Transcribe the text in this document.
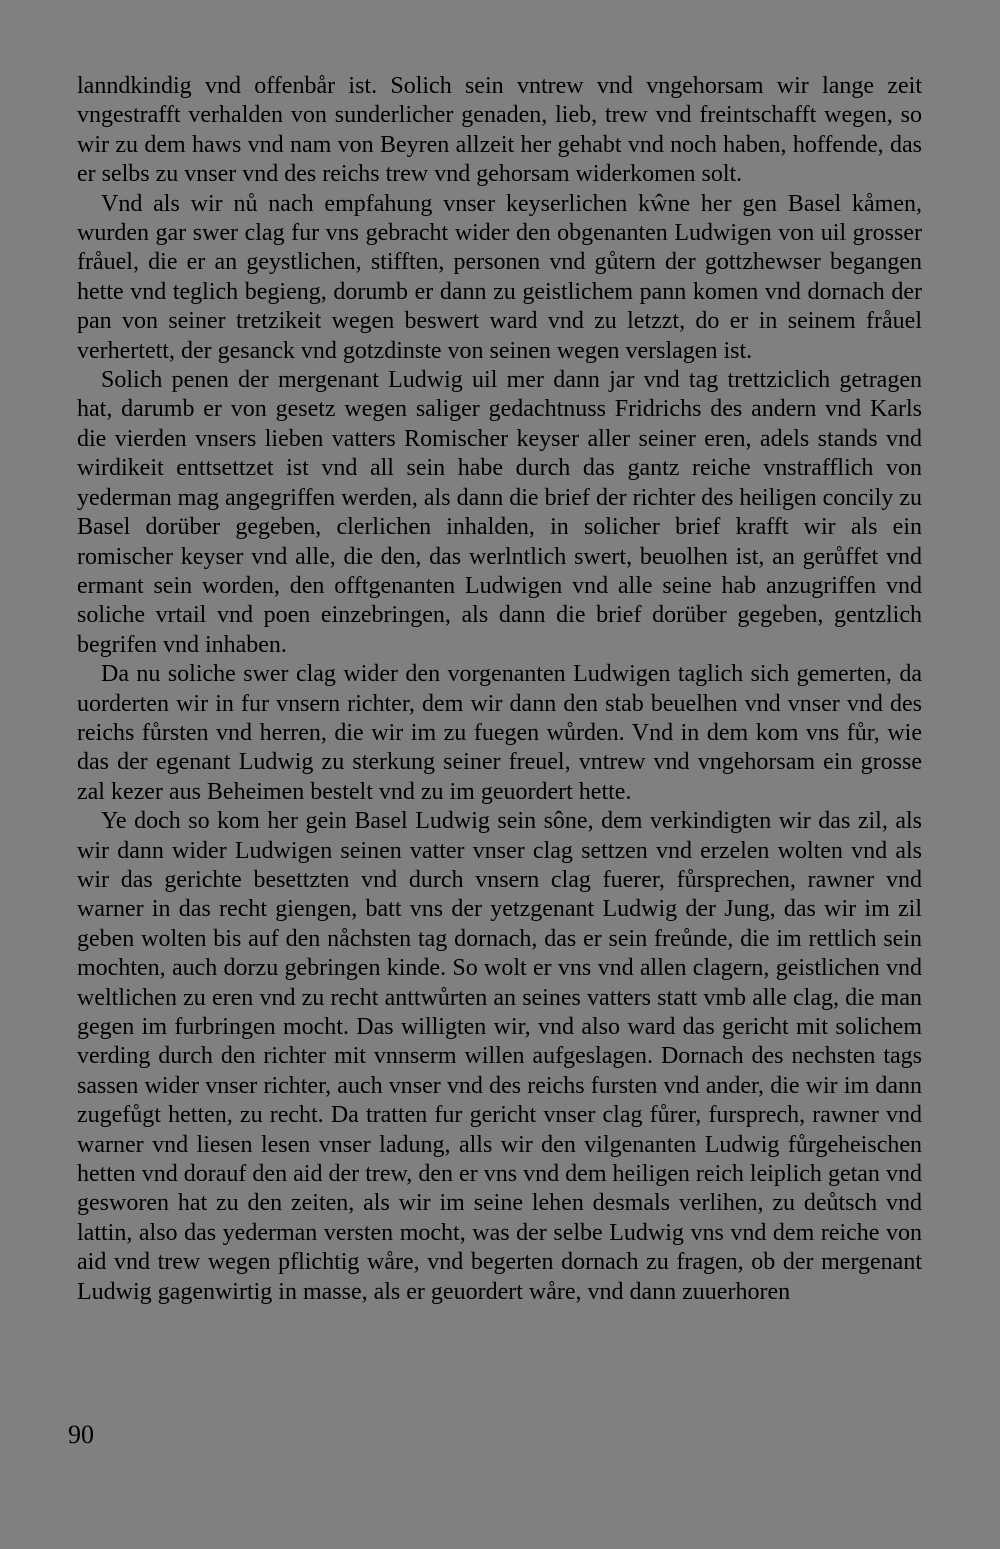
lanndkindig vnd offenbår ist. Solich sein vntrew vnd vngehorsam wir lange zeit vngestrafft verhalden von sunderlicher genaden, lieb, trew vnd freintschafft wegen, so wir zu dem haws vnd nam von Beyren allzeit her gehabt vnd noch haben, hoffende, das er selbs zu vnser vnd des reichs trew vnd gehorsam widerkomen solt.

Vnd als wir nů nach empfahung vnser keyserlichen kŵne her gen Basel kåmen, wurden gar swer clag fur vns gebracht wider den obgenanten Ludwigen von uil grosser fråuel, die er an geystlichen, stifften, personen vnd gůtern der gottzhewser begangen hette vnd teglich begieng, dorumb er dann zu geistlichem pann komen vnd dornach der pan von seiner tretzikeit wegen beswert ward vnd zu letzzt, do er in seinem fråuel verhertett, der gesanck vnd gotzdinste von seinen wegen verslagen ist.

Solich penen der mergenant Ludwig uil mer dann jar vnd tag trettziclich getragen hat, darumb er von gesetz wegen saliger gedachtnuss Fridrichs des andern vnd Karls die vierden vnsers lieben vatters Romischer keyser aller seiner eren, adels stands vnd wirdikeit enttsettzet ist vnd all sein habe durch das gantz reiche vnstrafflich von yederman mag angegriffen werden, als dann die brief der richter des heiligen concily zu Basel dorüber gegeben, clerlichen inhalden, in solicher brief krafft wir als ein romischer keyser vnd alle, die den, das werlntlich swert, beuolhen ist, an gerůffet vnd ermant sein worden, den offtgenanten Ludwigen vnd alle seine hab anzugriffen vnd soliche vrtail vnd poen einzebringen, als dann die brief dorüber gegeben, gentzlich begrifen vnd inhaben.

Da nu soliche swer clag wider den vorgenanten Ludwigen taglich sich gemerten, da uorderten wir in fur vnsern richter, dem wir dann den stab beuelhen vnd vnser vnd des reichs fůrsten vnd herren, die wir im zu fuegen wůrden. Vnd in dem kom vns fůr, wie das der egenant Ludwig zu sterkung seiner freuel, vntrew vnd vngehorsam ein grosse zal kezer aus Beheimen bestelt vnd zu im geuordert hette.

Ye doch so kom her gein Basel Ludwig sein sône, dem verkindigten wir das zil, als wir dann wider Ludwigen seinen vatter vnser clag settzen vnd erzelen wolten vnd als wir das gerichte besettzten vnd durch vnsern clag fuerer, fůrsprechen, rawner vnd warner in das recht giengen, batt vns der yetzgenant Ludwig der Jung, das wir im zil geben wolten bis auf den nåchsten tag dornach, das er sein freůnde, die im rettlich sein mochten, auch dorzu gebringen kinde. So wolt er vns vnd allen clagern, geistlichen vnd weltlichen zu eren vnd zu recht anttwůrten an seines vatters statt vmb alle clag, die man gegen im furbringen mocht. Das willigten wir, vnd also ward das gericht mit solichem verding durch den richter mit vnnserm willen aufgeslagen. Dornach des nechsten tags sassen wider vnser richter, auch vnser vnd des reichs fursten vnd ander, die wir im dann zugefůgt hetten, zu recht. Da tratten fur gericht vnser clag fůrer, fursprech, rawner vnd warner vnd liesen lesen vnser ladung, alls wir den vilgenanten Ludwig fůrgeheischen hetten vnd dorauf den aid der trew, den er vns vnd dem heiligen reich leiplich getan vnd gesworen hat zu den zeiten, als wir im seine lehen desmals verlihen, zu deůtsch vnd lattin, also das yederman versten mocht, was der selbe Ludwig vns vnd dem reiche von aid vnd trew wegen pflichtig wåre, vnd begerten dornach zu fragen, ob der mergenant Ludwig gagenwirtig in masse, als er geuordert wåre, vnd dann zuuerhoren

90
